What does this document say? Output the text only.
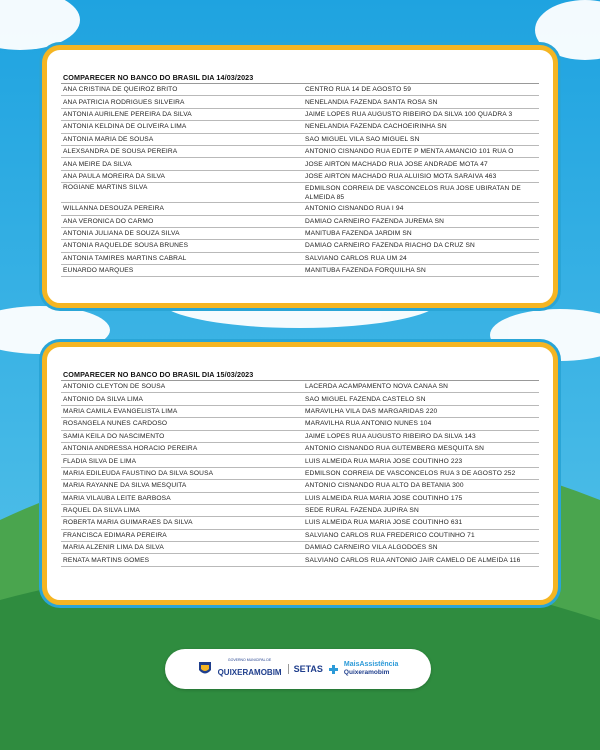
COMPARECER NO BANCO DO BRASIL DIA 14/03/2023
ANA CRISTINA DE QUEIROZ BRITO	CENTRO RUA 14 DE AGOSTO 59
ANA PATRICIA RODRIGUES SILVEIRA	NENELANDIA FAZENDA SANTA ROSA SN
ANTONIA AURILENE PEREIRA DA SILVA	JAIME LOPES RUA AUGUSTO RIBEIRO DA SILVA 100 QUADRA 3
ANTONIA KELDINA DE OLIVEIRA LIMA	NENELANDIA FAZENDA CACHOEIRINHA SN
ANTONIA MARIA DE SOUSA	SAO MIGUEL VILA SAO MIGUEL SN
ALEXSANDRA DE SOUSA PEREIRA	ANTONIO CISNANDO RUA EDITE P MENTA AMANCIO 101 RUA O
ANA MEIRE DA SILVA	JOSE AIRTON MACHADO RUA JOSE ANDRADE MOTA 47
ANA PAULA MOREIRA DA SILVA	JOSE AIRTON MACHADO RUA ALUISIO MOTA SARAIVA 463
ROGIANE MARTINS SILVA	EDMILSON CORREIA DE VASCONCELOS RUA JOSE UBIRATAN DE ALMEIDA 85
WILLANNA DESOUZA PEREIRA	ANTONIO CISNANDO RUA I 94
ANA VERONICA DO CARMO	DAMIAO CARNEIRO FAZENDA JUREMA SN
ANTONIA JULIANA DE SOUZA SILVA	MANITUBA FAZENDA JARDIM SN
ANTONIA RAQUELDE SOUSA BRUNES	DAMIAO CARNEIRO FAZENDA RIACHO DA CRUZ SN
ANTONIA TAMIRES MARTINS CABRAL	SALVIANO CARLOS RUA UM 24
EUNARDO MARQUES	MANITUBA FAZENDA FORQUILHA SN
COMPARECER NO BANCO DO BRASIL DIA 15/03/2023
ANTONIO CLEYTON DE SOUSA	LACERDA ACAMPAMENTO NOVA CANAA SN
ANTONIO DA SILVA LIMA	SAO MIGUEL FAZENDA CASTELO SN
MARIA CAMILA EVANGELISTA LIMA	MARAVILHA VILA DAS MARGARIDAS 220
ROSANGELA NUNES CARDOSO	MARAVILHA RUA ANTONIO NUNES 104
SAMIA KEILA DO NASCIMENTO	JAIME LOPES RUA AUGUSTO RIBEIRO DA SILVA 143
ANTONIA ANDRESSA HORACIO PEREIRA	ANTONIO CISNANDO RUA GUTEMBERG MESQUITA SN
FLADIA SILVA DE LIMA	LUIS ALMEIDA RUA MARIA JOSE COUTINHO 223
MARIA EDILEUDA FAUSTINO DA SILVA SOUSA	EDMILSON CORREIA DE VASCONCELOS RUA 3 DE AGOSTO 252
MARIA RAYANNE DA SILVA MESQUITA	ANTONIO CISNANDO RUA ALTO DA BETANIA 300
MARIA VILAUBA LEITE BARBOSA	LUIS ALMEIDA RUA MARIA JOSE COUTINHO 175
RAQUEL DA SILVA LIMA	SEDE RURAL FAZENDA JUPIRA SN
ROBERTA MARIA GUIMARAES DA SILVA	LUIS ALMEIDA RUA MARIA JOSE COUTINHO 631
FRANCISCA EDIMARA PEREIRA	SALVIANO CARLOS RUA FREDERICO COUTINHO 71
MARIA ALZENIR LIMA DA SILVA	DAMIAO CARNEIRO VILA ALGODOES SN
RENATA MARTINS GOMES	SALVIANO CARLOS RUA ANTONIO JAIR CAMELO DE ALMEIDA 116
GOVERNO MUNICIPAL DE
QUIXERAMOBIM	SETAS	MaisAssistência
Quixeramobim
